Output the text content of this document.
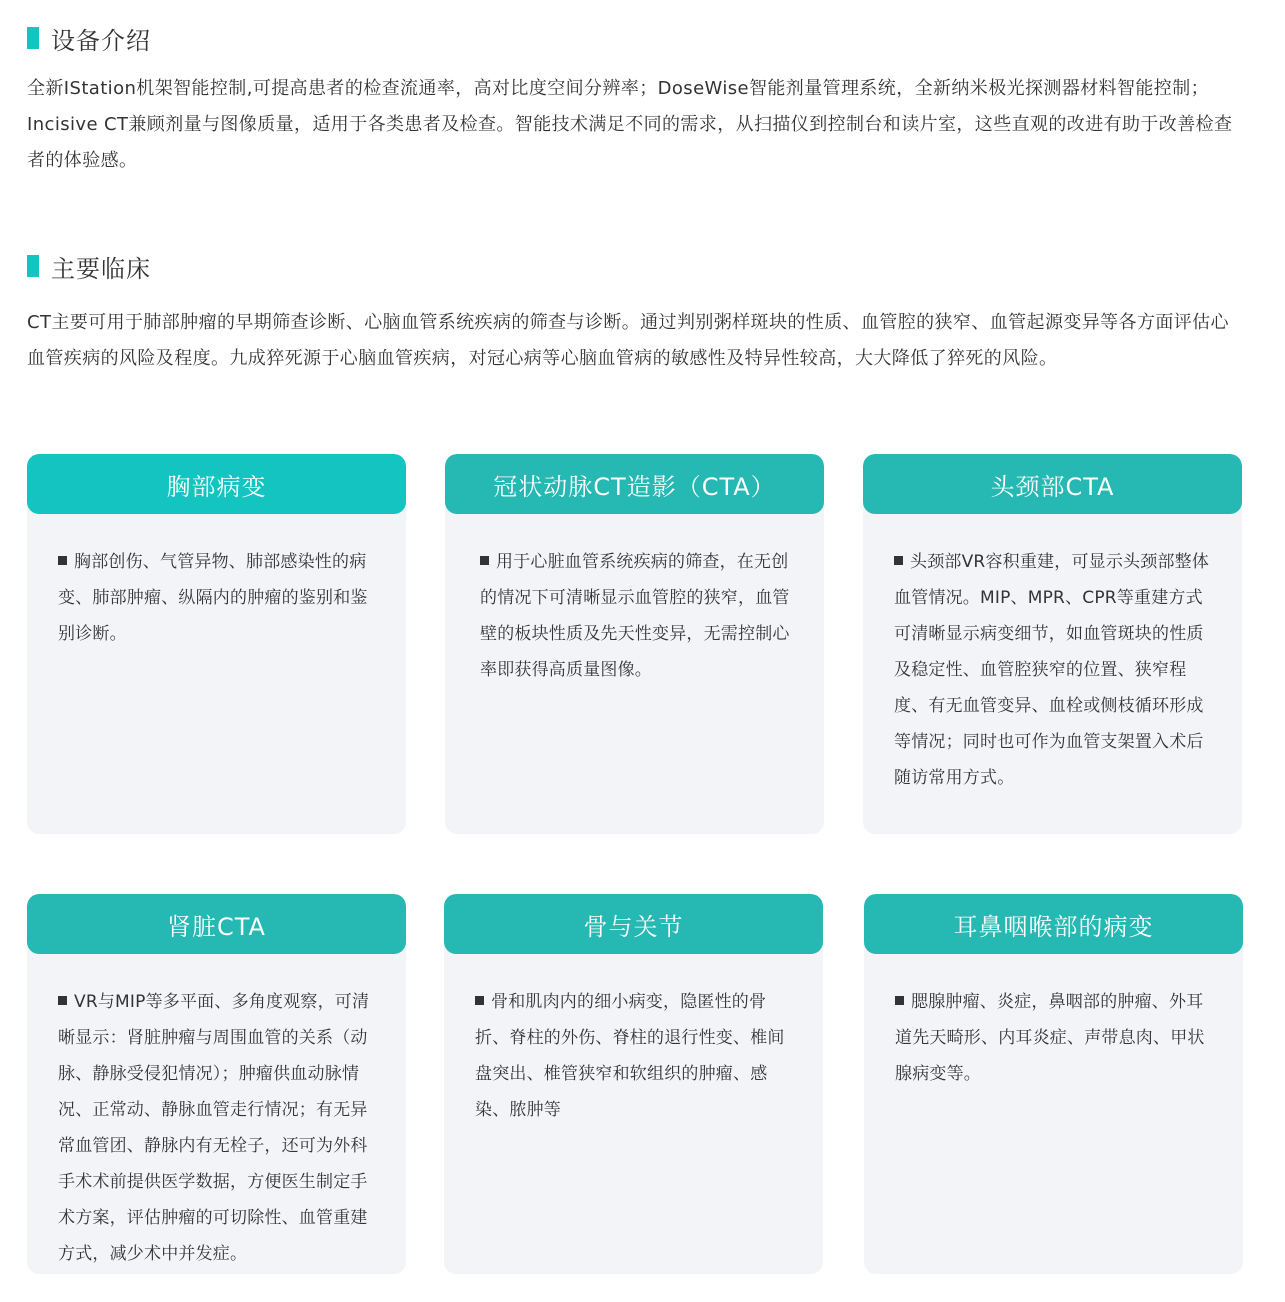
设备介绍

全新IStation机架智能控制,可提高患者的检查流通率，高对比度空间分辨率；DoseWise智能剂量管理系统，全新纳米极光探测器材料智能控制； Incisive CT兼顾剂量与图像质量，适用于各类患者及检查。智能技术满足不同的需求，从扫描仪到控制台和读片室，这些直观的改进有助于改善检查者的体验感。

主要临床

CT主要可用于肺部肿瘤的早期筛查诊断、心脑血管系统疾病的筛查与诊断。通过判别粥样斑块的性质、血管腔的狭窄、血管起源变异等各方面评估心血管疾病的风险及程度。九成猝死源于心脑血管疾病，对冠心病等心脑血管病的敏感性及特异性较高，大大降低了猝死的风险。

胸部病变
胸部创伤、气管异物、肺部感染性的病变、肺部肿瘤、纵隔内的肿瘤的鉴别和鉴别诊断。
冠状动脉CT造影（CTA）
用于心脏血管系统疾病的筛查，在无创的情况下可清晰显示血管腔的狭窄，血管壁的板块性质及先天性变异，无需控制心率即获得高质量图像。
头颈部CTA
头颈部VR容积重建，可显示头颈部整体血管情况。MIP、MPR、CPR等重建方式可清晰显示病变细节，如血管斑块的性质及稳定性、血管腔狭窄的位置、狭窄程度、有无血管变异、血栓或侧枝循环形成等情况；同时也可作为血管支架置入术后随访常用方式。
肾脏CTA
VR与MIP等多平面、多角度观察，可清晰显示：肾脏肿瘤与周围血管的关系（动脉、静脉受侵犯情况）；肿瘤供血动脉情况、正常动、静脉血管走行情况；有无异常血管团、静脉内有无栓子，还可为外科手术术前提供医学数据，方便医生制定手术方案，评估肿瘤的可切除性、血管重建方式，减少术中并发症。
骨与关节
骨和肌肉内的细小病变，隐匿性的骨折、脊柱的外伤、脊柱的退行性变、椎间盘突出、椎管狭窄和软组织的肿瘤、感染、脓肿等
耳鼻咽喉部的病变
腮腺肿瘤、炎症，鼻咽部的肿瘤、外耳道先天畸形、内耳炎症、声带息肉、甲状腺病变等。
